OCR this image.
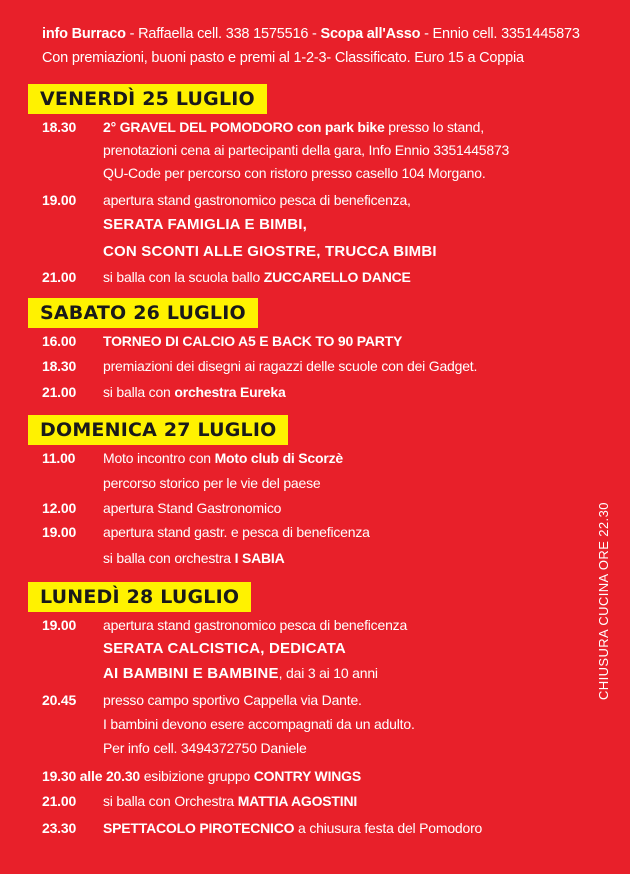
info Burraco - Raffaella cell. 338 1575516 - Scopa all'Asso - Ennio cell. 3351445873
Con premiazioni, buoni pasto e premi al 1-2-3- Classificato. Euro 15 a Coppia
VENERDÌ 25 LUGLIO
18.30 2° GRAVEL DEL POMODORO con park bike presso lo stand,
prenotazioni cena ai partecipanti della gara, Info Ennio 3351445873
QU-Code per percorso con ristoro presso casello 104 Morgano.
19.00 apertura stand gastronomico pesca di beneficenza,
SERATA FAMIGLIA E BIMBI,
CON SCONTI ALLE GIOSTRE, TRUCCA BIMBI
21.00 si balla con la scuola ballo ZUCCARELLO DANCE
SABATO 26 LUGLIO
16.00 TORNEO DI CALCIO A5 E BACK TO 90 PARTY
18.30 premiazioni dei disegni ai ragazzi delle scuole con dei Gadget.
21.00 si balla con orchestra Eureka
DOMENICA 27 LUGLIO
11.00 Moto incontro con Moto club di Scorzè
percorso storico per le vie del paese
12.00 apertura Stand Gastronomico
19.00 apertura stand gastr. e pesca di beneficenza
si balla con orchestra I SABIA
LUNEDÌ 28 LUGLIO
19.00 apertura stand gastronomico pesca di beneficenza
SERATA CALCISTICA, DEDICATA
AI BAMBINI E BAMBINE, dai 3 ai 10 anni
20.45 presso campo sportivo Cappella via Dante.
I bambini devono esere accompagnati da un adulto.
Per info cell. 3494372750 Daniele
19.30 alle 20.30 esibizione gruppo CONTRY WINGS
21.00 si balla con Orchestra MATTIA AGOSTINI
23.30 SPETTACOLO PIROTECNICO a chiusura festa del Pomodoro
CHIUSURA CUCINA ORE 22.30
